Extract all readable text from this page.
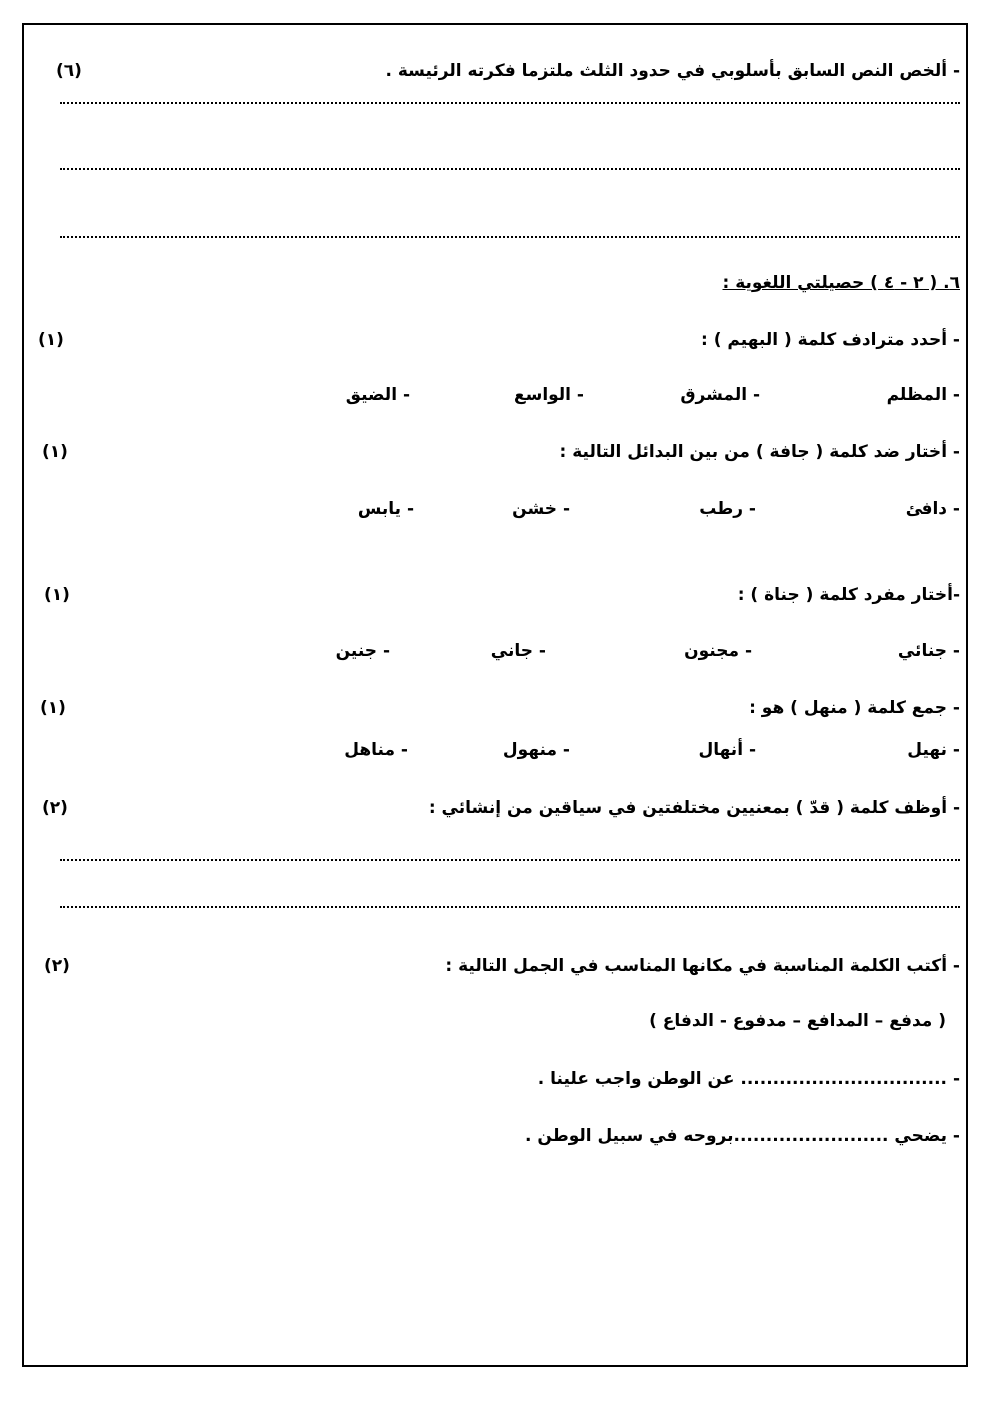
- ألخص النص السابق بأسلوبي في حدود الثلث ملتزما فكرته الرئيسة .
(٦)
٦. ( ٢ - ٤ ) حصيلتي اللغوية :
- أحدد مترادف كلمة ( البهيم ) :
(١)
- المظلم
- المشرق
- الواسع
- الضيق
- أختار ضد كلمة ( جافة ) من بين البدائل التالية :
(١)
- دافئ
- رطب
- خشن
- يابس
-أختار مفرد كلمة ( جناة ) :
(١)
- جنائي
- مجنون
- جاني
- جنين
- جمع كلمة ( منهل ) هو :
(١)
- نهيل
- أنهال
- منهول
- مناهل
- أوظف كلمة ( قدّ ) بمعنيين مختلفتين في سياقين من إنشائي :
(٢)
- أكتب الكلمة المناسبة في مكانها المناسب في الجمل التالية :
(٢)
( مدفع – المدافع – مدفوع - الدفاع )
- ................................ عن الوطن واجب علينا .
- يضحي ........................بروحه في سبيل الوطن .
